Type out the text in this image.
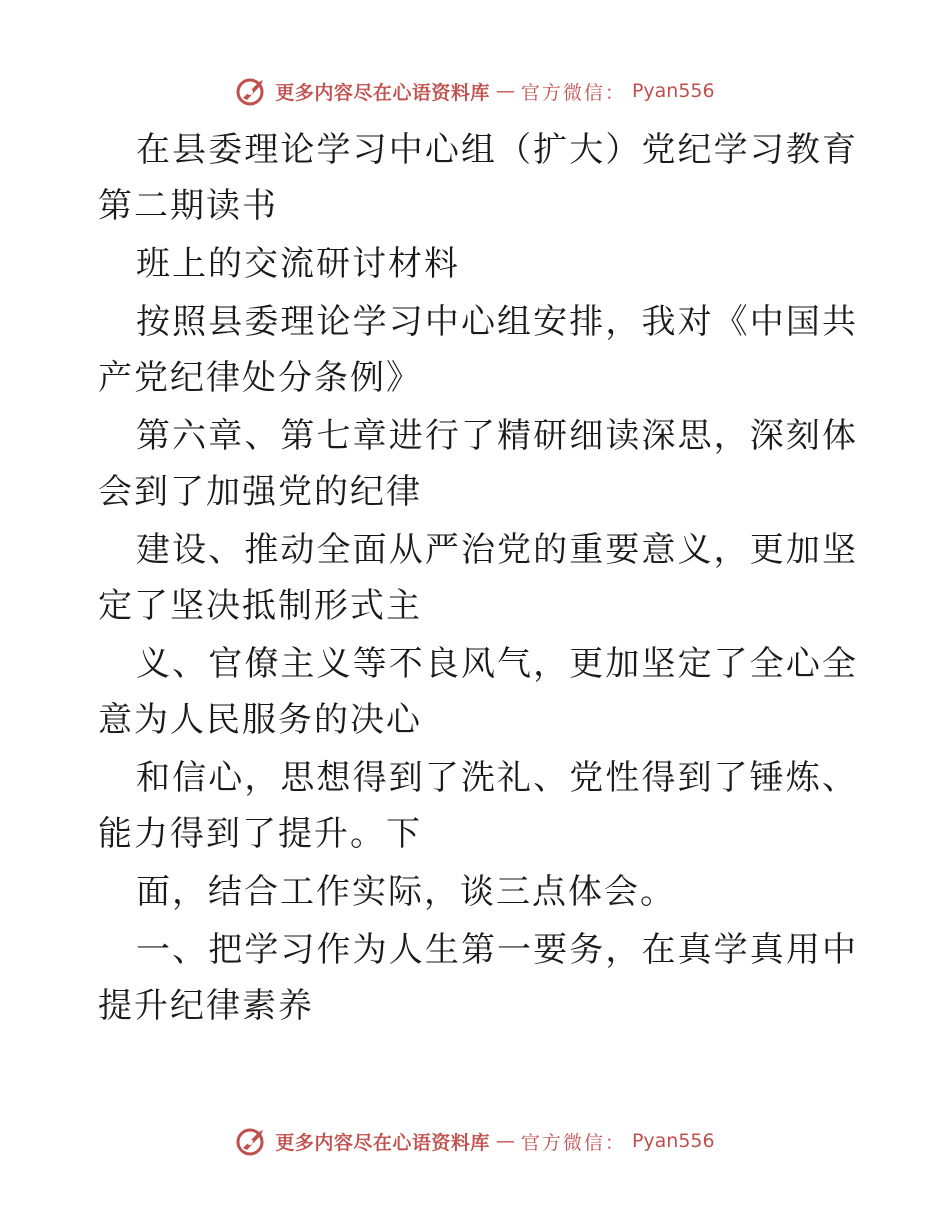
更多内容尽在心语资料库 — 官方微信： Pyan556

在县委理论学习中心组（扩大）党纪学习教育第二期读书

班上的交流研讨材料

按照县委理论学习中心组安排，我对《中国共产党纪律处分条例》

第六章、第七章进行了精研细读深思，深刻体会到了加强党的纪律

建设、推动全面从严治党的重要意义，更加坚定了坚决抵制形式主

义、官僚主义等不良风气，更加坚定了全心全意为人民服务的决心

和信心，思想得到了洗礼、党性得到了锤炼、能力得到了提升。下

面，结合工作实际，谈三点体会。

一、把学习作为人生第一要务，在真学真用中提升纪律素养

更多内容尽在心语资料库 — 官方微信： Pyan556
